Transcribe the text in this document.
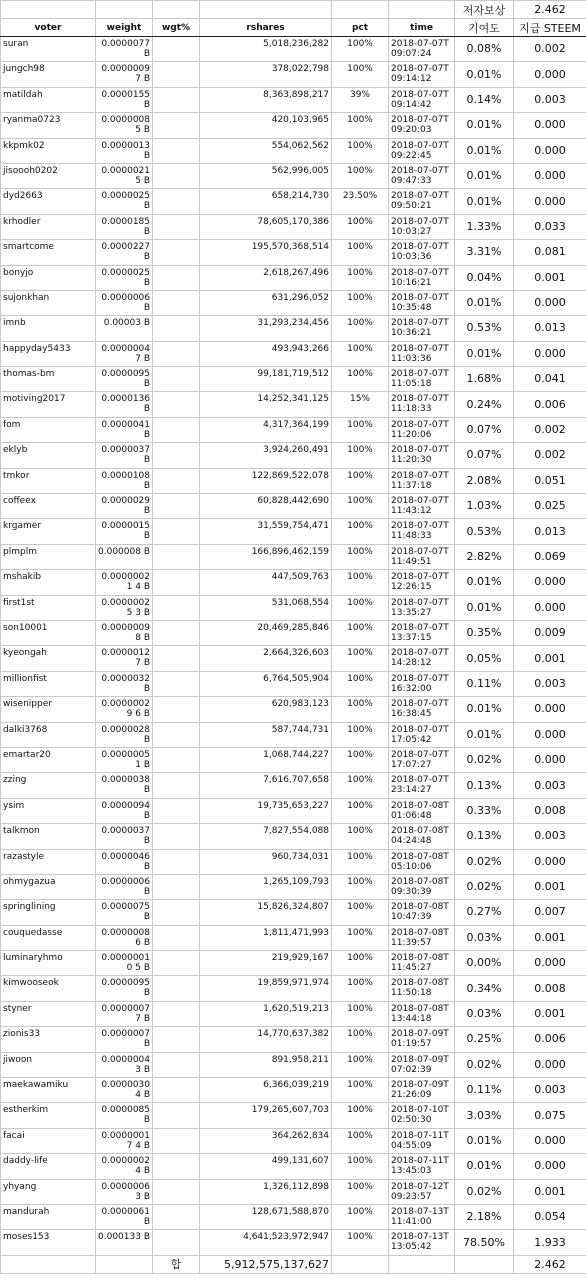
						저자보상	2.462
voter	weight	wgt%	rshares	pct	time	기여도	지급 STEEM
suran	0.0000077 B		5,018,236,282	100%	2018-07-07T09:07:24	0.08%	0.002
jungch98	0.00000097 B		378,022,798	100%	2018-07-07T09:14:12	0.01%	0.000
matildah	0.0000155 B		8,363,898,217	39%	2018-07-07T09:14:42	0.14%	0.003
ryanma0723	0.00000085 B		420,103,965	100%	2018-07-07T09:20:03	0.01%	0.000
kkpmk02	0.0000013 B		554,062,562	100%	2018-07-07T09:22:45	0.01%	0.000
jisoooh0202	0.00000215 B		562,996,005	100%	2018-07-07T09:47:33	0.01%	0.000
dyd2663	0.0000025 B		658,214,730	23.50%	2018-07-07T09:50:21	0.01%	0.000
krhodler	0.0000185 B		78,605,170,386	100%	2018-07-07T10:03:27	1.33%	0.033
smartcome	0.0000227 B		195,570,368,514	100%	2018-07-07T10:03:36	3.31%	0.081
bonyjo	0.0000025 B		2,618,267,496	100%	2018-07-07T10:16:21	0.04%	0.001
sujonkhan	0.0000006 B		631,296,052	100%	2018-07-07T10:35:48	0.01%	0.000
imnb	0.00003 B		31,293,234,456	100%	2018-07-07T10:36:21	0.53%	0.013
happyday5433	0.00000047 B		493,943,266	100%	2018-07-07T11:03:36	0.01%	0.000
thomas-bm	0.0000095 B		99,181,719,512	100%	2018-07-07T11:05:18	1.68%	0.041
motiving2017	0.0000136 B		14,252,341,125	15%	2018-07-07T11:18:33	0.24%	0.006
fom	0.0000041 B		4,317,364,199	100%	2018-07-07T11:20:06	0.07%	0.002
eklyb	0.0000037 B		3,924,260,491	100%	2018-07-07T11:20:30	0.07%	0.002
tmkor	0.0000108 B		122,869,522,078	100%	2018-07-07T11:37:18	2.08%	0.051
coffeex	0.0000029 B		60,828,442,690	100%	2018-07-07T11:43:12	1.03%	0.025
krgamer	0.0000015 B		31,559,754,471	100%	2018-07-07T11:48:33	0.53%	0.013
plmplm	0.000008 B		166,896,462,159	100%	2018-07-07T11:49:51	2.82%	0.069
mshakib	0.00000021 4 B		447,509,763	100%	2018-07-07T12:26:15	0.01%	0.000
first1st	0.00000025 3 B		531,068,554	100%	2018-07-07T13:35:27	0.01%	0.000
son10001	0.00000098 B		20,469,285,846	100%	2018-07-07T13:37:15	0.35%	0.009
kyeongah	0.00000127 B		2,664,326,603	100%	2018-07-07T14:28:12	0.05%	0.001
millionfist	0.0000032 B		6,764,505,904	100%	2018-07-07T16:32:00	0.11%	0.003
wisenipper	0.00000029 6 B		620,983,123	100%	2018-07-07T16:38:45	0.01%	0.000
dalki3768	0.0000028 B		587,744,731	100%	2018-07-07T17:05:42	0.01%	0.000
emartar20	0.00000051 B		1,068,744,227	100%	2018-07-07T17:07:27	0.02%	0.000
zzing	0.0000038 B		7,616,707,658	100%	2018-07-07T23:14:27	0.13%	0.003
ysim	0.0000094 B		19,735,653,227	100%	2018-07-08T01:06:48	0.33%	0.008
talkmon	0.0000037 B		7,827,554,088	100%	2018-07-08T04:24:48	0.13%	0.003
razastyle	0.0000046 B		960,734,031	100%	2018-07-08T05:10:06	0.02%	0.000
ohmygazua	0.0000006 B		1,265,109,793	100%	2018-07-08T09:30:39	0.02%	0.001
springlining	0.0000075 B		15,826,324,807	100%	2018-07-08T10:47:39	0.27%	0.007
couquedasse	0.00000086 B		1,811,471,993	100%	2018-07-08T11:39:57	0.03%	0.001
luminaryhmo	0.00000010 5 B		219,929,167	100%	2018-07-08T11:45:27	0.00%	0.000
kimwooseok	0.0000095 B		19,859,971,974	100%	2018-07-08T11:50:18	0.34%	0.008
styner	0.00000077 B		1,620,519,213	100%	2018-07-08T13:44:18	0.03%	0.001
zionis33	0.0000007 B		14,770,637,382	100%	2018-07-09T01:19:57	0.25%	0.006
jiwoon	0.00000043 B		891,958,211	100%	2018-07-09T07:02:39	0.02%	0.000
maekawamiku	0.00000304 B		6,366,039,219	100%	2018-07-09T21:26:09	0.11%	0.003
estherkim	0.0000085 B		179,265,607,703	100%	2018-07-10T02:50:30	3.03%	0.075
facai	0.00000017 4 B		364,262,834	100%	2018-07-11T04:55:09	0.01%	0.000
daddy-life	0.00000024 B		499,131,607	100%	2018-07-11T13:45:03	0.01%	0.000
yhyang	0.00000063 B		1,326,112,898	100%	2018-07-12T09:23:57	0.02%	0.001
mandurah	0.0000061 B		128,671,588,870	100%	2018-07-13T11:41:00	2.18%	0.054
moses153	0.000133 B		4,641,523,972,947	100%	2018-07-13T13:05:42	78.50%	1.933
		합	5,912,575,137,627				2.462
